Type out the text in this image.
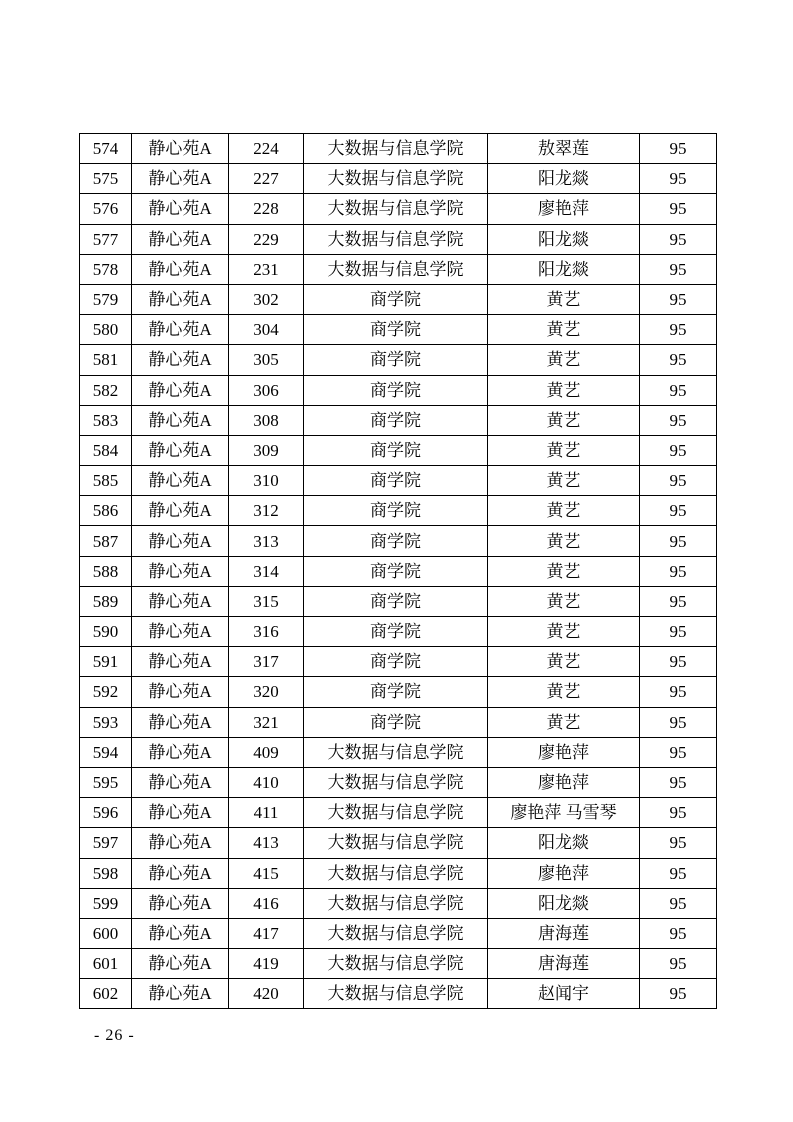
574	静心苑A	224	大数据与信息学院	敖翠莲	95
575	静心苑A	227	大数据与信息学院	阳龙燚	95
576	静心苑A	228	大数据与信息学院	廖艳萍	95
577	静心苑A	229	大数据与信息学院	阳龙燚	95
578	静心苑A	231	大数据与信息学院	阳龙燚	95
579	静心苑A	302	商学院	黄艺	95
580	静心苑A	304	商学院	黄艺	95
581	静心苑A	305	商学院	黄艺	95
582	静心苑A	306	商学院	黄艺	95
583	静心苑A	308	商学院	黄艺	95
584	静心苑A	309	商学院	黄艺	95
585	静心苑A	310	商学院	黄艺	95
586	静心苑A	312	商学院	黄艺	95
587	静心苑A	313	商学院	黄艺	95
588	静心苑A	314	商学院	黄艺	95
589	静心苑A	315	商学院	黄艺	95
590	静心苑A	316	商学院	黄艺	95
591	静心苑A	317	商学院	黄艺	95
592	静心苑A	320	商学院	黄艺	95
593	静心苑A	321	商学院	黄艺	95
594	静心苑A	409	大数据与信息学院	廖艳萍	95
595	静心苑A	410	大数据与信息学院	廖艳萍	95
596	静心苑A	411	大数据与信息学院	廖艳萍 马雪琴	95
597	静心苑A	413	大数据与信息学院	阳龙燚	95
598	静心苑A	415	大数据与信息学院	廖艳萍	95
599	静心苑A	416	大数据与信息学院	阳龙燚	95
600	静心苑A	417	大数据与信息学院	唐海莲	95
601	静心苑A	419	大数据与信息学院	唐海莲	95
602	静心苑A	420	大数据与信息学院	赵闻宇	95
- 26 -
